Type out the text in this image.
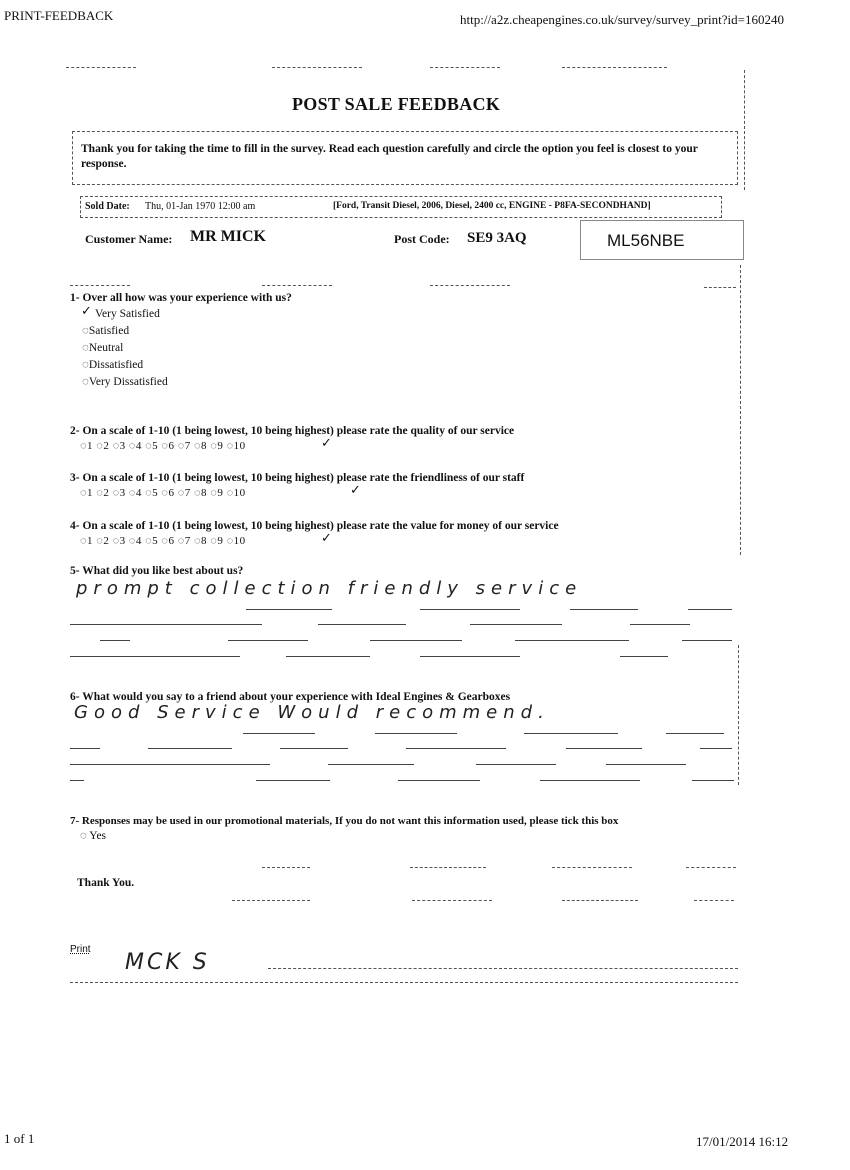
PRINT-FEEDBACK	http://a2z.cheapengines.co.uk/survey/survey_print?id=160240
1 of 1	17/01/2014 16:12
POST SALE FEEDBACK
Thank you for taking the time to fill in the survey. Read each question carefully and circle the option you feel is closest to your response.
Sold Date: Thu, 01-Jan 1970 12:00 am	[Ford, Transit Diesel, 2006, Diesel, 2400 cc, ENGINE - P8FA-SECONDHAND]
Customer Name: MR MICK	Post Code: SE9 3AQ	ML56NBE
1- Over all how was your experience with us?
✓ Very Satisfied
◌Satisfied
◌Neutral
◌Dissatisfied
◌Very Dissatisfied
2- On a scale of 1-10 (1 being lowest, 10 being highest) please rate the quality of our service
◌1 ◌2 ◌3 ◌4 ◌5 ◌6 ◌7 ◌8 ◌9 ◌10	✓
3- On a scale of 1-10 (1 being lowest, 10 being highest) please rate the friendliness of our staff
◌1 ◌2 ◌3 ◌4 ◌5 ◌6 ◌7 ◌8 ◌9 ◌10	✓
4- On a scale of 1-10 (1 being lowest, 10 being highest) please rate the value for money of our service
◌1 ◌2 ◌3 ◌4 ◌5 ◌6 ◌7 ◌8 ◌9 ◌10	✓
5- What did you like best about us?
prompt collection friendly service
6- What would you say to a friend about your experience with Ideal Engines & Gearboxes
Good Service Would recommend.
7- Responses may be used in our promotional materials, If you do not want this information used, please tick this box
◌ Yes
Thank You.
Print
MCK S
